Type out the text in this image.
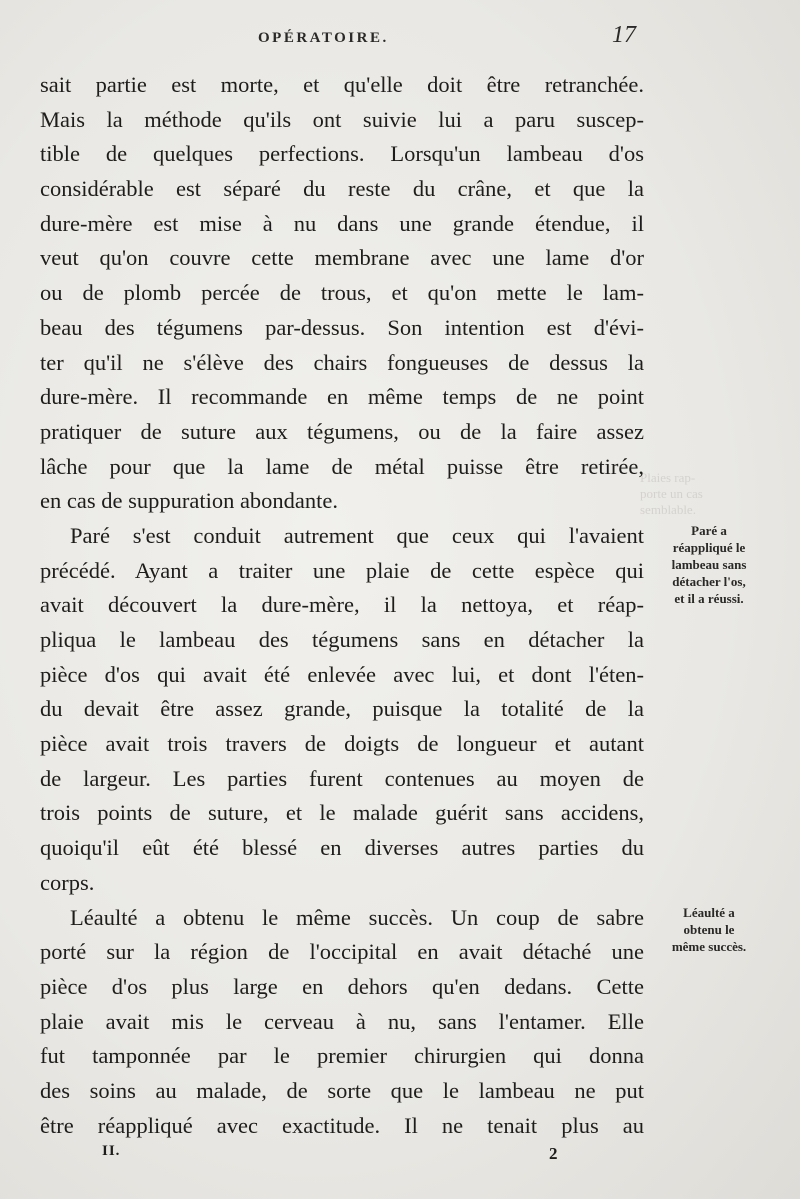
Plaies rap-
porte un cas
semblable.
OPÉRATOIRE.	17
sait partie est morte, et qu'elle doit être retranchée.
Mais la méthode qu'ils ont suivie lui a paru suscep-
tible de quelques perfections. Lorsqu'un lambeau d'os
considérable est séparé du reste du crâne, et que la
dure-mère est mise à nu dans une grande étendue, il
veut qu'on couvre cette membrane avec une lame d'or
ou de plomb percée de trous, et qu'on mette le lam-
beau des tégumens par-dessus. Son intention est d'évi-
ter qu'il ne s'élève des chairs fongueuses de dessus la
dure-mère. Il recommande en même temps de ne point
pratiquer de suture aux tégumens, ou de la faire assez
lâche pour que la lame de métal puisse être retirée,
en cas de suppuration abondante.
Paré s'est conduit autrement que ceux qui l'avaient
précédé. Ayant a traiter une plaie de cette espèce qui
avait découvert la dure-mère, il la nettoya, et réap-
pliqua le lambeau des tégumens sans en détacher la
pièce d'os qui avait été enlevée avec lui, et dont l'éten-
du devait être assez grande, puisque la totalité de la
pièce avait trois travers de doigts de longueur et autant
de largeur. Les parties furent contenues au moyen de
trois points de suture, et le malade guérit sans accidens,
quoiqu'il eût été blessé en diverses autres parties du
corps.
Léaulté a obtenu le même succès. Un coup de sabre
porté sur la région de l'occipital en avait détaché une
pièce d'os plus large en dehors qu'en dedans. Cette
plaie avait mis le cerveau à nu, sans l'entamer. Elle
fut tamponnée par le premier chirurgien qui donna
des soins au malade, de sorte que le lambeau ne put
être réappliqué avec exactitude. Il ne tenait plus au
Paré a
réappliqué le
lambeau sans
détacher l'os,
et il a réussi.
Léaulté a
obtenu le
même succès.
II.	2
